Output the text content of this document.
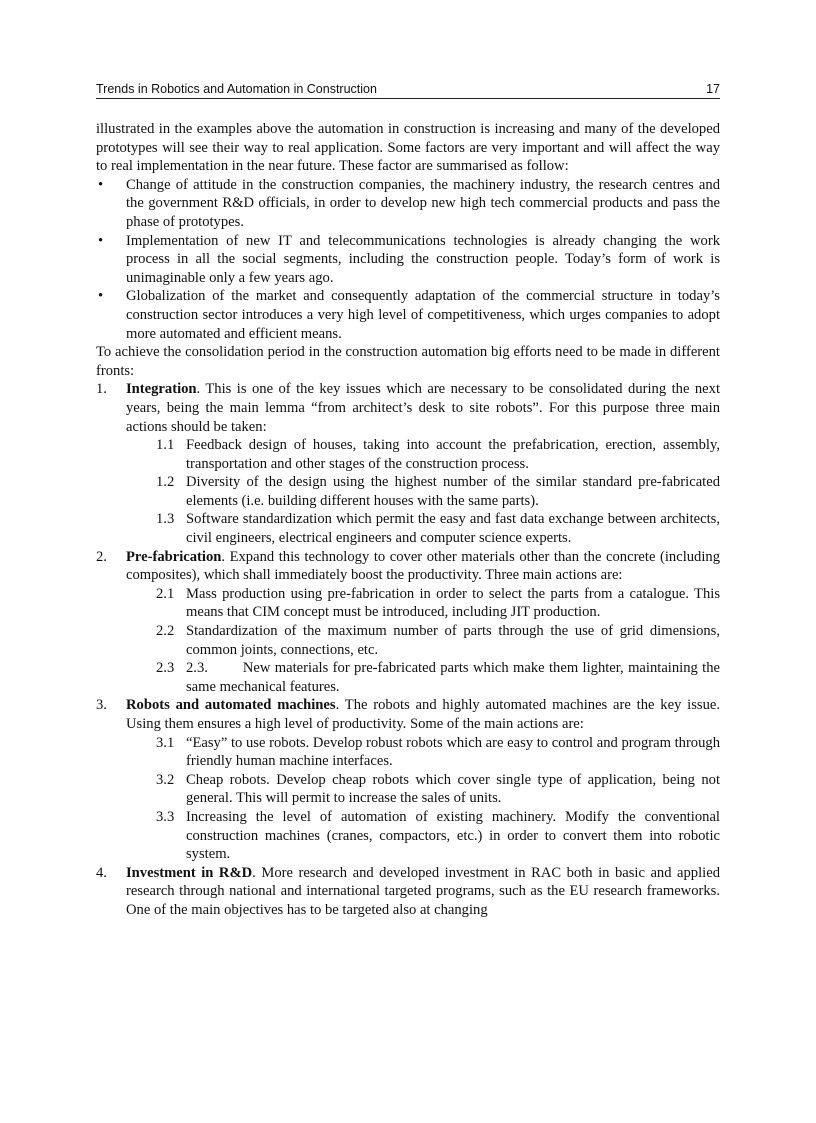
Trends in Robotics and Automation in Construction	17

illustrated in the examples above the automation in construction is increasing and many of the developed prototypes will see their way to real application. Some factors are very important and will affect the way to real implementation in the near future. These factor are summarised as follow:

• Change of attitude in the construction companies, the machinery industry, the research centres and the government R&D officials, in order to develop new high tech commercial products and pass the phase of prototypes.
• Implementation of new IT and telecommunications technologies is already changing the work process in all the social segments, including the construction people. Today’s form of work is unimaginable only a few years ago.
• Globalization of the market and consequently adaptation of the commercial structure in today’s construction sector introduces a very high level of competitiveness, which urges companies to adopt more automated and efficient means.

To achieve the consolidation period in the construction automation big efforts need to be made in different fronts:

1. Integration. This is one of the key issues which are necessary to be consolidated during the next years, being the main lemma “from architect’s desk to site robots”. For this purpose three main actions should be taken:
1.1 Feedback design of houses, taking into account the prefabrication, erection, assembly, transportation and other stages of the construction process.
1.2 Diversity of the design using the highest number of the similar standard pre-fabricated elements (i.e. building different houses with the same parts).
1.3 Software standardization which permit the easy and fast data exchange between architects, civil engineers, electrical engineers and computer science experts.
2. Pre-fabrication. Expand this technology to cover other materials other than the concrete (including composites), which shall immediately boost the productivity. Three main actions are:
2.1 Mass production using pre-fabrication in order to select the parts from a catalogue. This means that CIM concept must be introduced, including JIT production.
2.2 Standardization of the maximum number of parts through the use of grid dimensions, common joints, connections, etc.
2.3 2.3.        New materials for pre-fabricated parts which make them lighter, maintaining the same mechanical features.
3. Robots and automated machines. The robots and highly automated machines are the key issue. Using them ensures a high level of productivity. Some of the main actions are:
3.1 “Easy” to use robots. Develop robust robots which are easy to control and program through friendly human machine interfaces.
3.2 Cheap robots. Develop cheap robots which cover single type of application, being not general. This will permit to increase the sales of units.
3.3 Increasing the level of automation of existing machinery. Modify the conventional construction machines (cranes, compactors, etc.) in order to convert them into robotic system.
4. Investment in R&D. More research and developed investment in RAC both in basic and applied research through national and international targeted programs, such as the EU research frameworks. One of the main objectives has to be targeted also at changing
